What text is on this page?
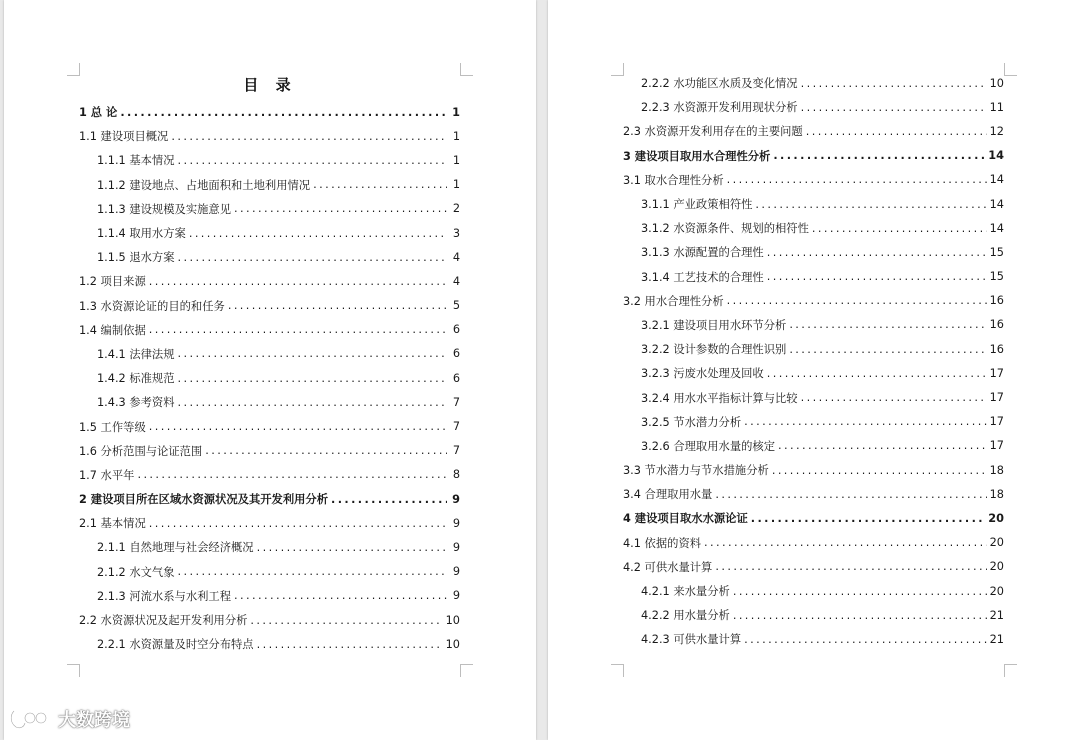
目 录
1 总 论 .....	1
1.1 建设项目概况 .....	1
1.1.1 基本情况 .....	1
1.1.2 建设地点、占地面积和土地利用情况 .....	1
1.1.3 建设规模及实施意见 .....	2
1.1.4 取用水方案 .....	3
1.1.5 退水方案 .....	4
1.2 项目来源 .....	4
1.3 水资源论证的目的和任务 .....	5
1.4 编制依据 .....	6
1.4.1 法律法规 .....	6
1.4.2 标准规范 .....	6
1.4.3 参考资料 .....	7
1.5 工作等级 .....	7
1.6 分析范围与论证范围 .....	7
1.7 水平年 .....	8
2 建设项目所在区域水资源状况及其开发利用分析 .....	9
2.1 基本情况 .....	9
2.1.1 自然地理与社会经济概况 .....	9
2.1.2 水文气象 .....	9
2.1.3 河流水系与水利工程 .....	9
2.2 水资源状况及起开发利用分析 .....	10
2.2.1 水资源量及时空分布特点 .....	10
2.2.2 水功能区水质及变化情况 .....	10
2.2.3 水资源开发利用现状分析 .....	11
2.3 水资源开发利用存在的主要问题 .....	12
3 建设项目取用水合理性分析 .....	14
3.1 取水合理性分析 .....	14
3.1.1 产业政策相符性 .....	14
3.1.2 水资源条件、规划的相符性 .....	14
3.1.3 水源配置的合理性 .....	15
3.1.4 工艺技术的合理性 .....	15
3.2 用水合理性分析 .....	16
3.2.1 建设项目用水环节分析 .....	16
3.2.2 设计参数的合理性识别 .....	16
3.2.3 污废水处理及回收 .....	17
3.2.4 用水水平指标计算与比较 .....	17
3.2.5 节水潜力分析 .....	17
3.2.6 合理取用水量的核定 .....	17
3.3 节水潜力与节水措施分析 .....	18
3.4 合理取用水量 .....	18
4 建设项目取水水源论证 .....	20
4.1 依据的资料 .....	20
4.2 可供水量计算 .....	20
4.2.1 来水量分析 .....	20
4.2.2 用水量分析 .....	21
4.2.3 可供水量计算 .....	21
大数跨境
